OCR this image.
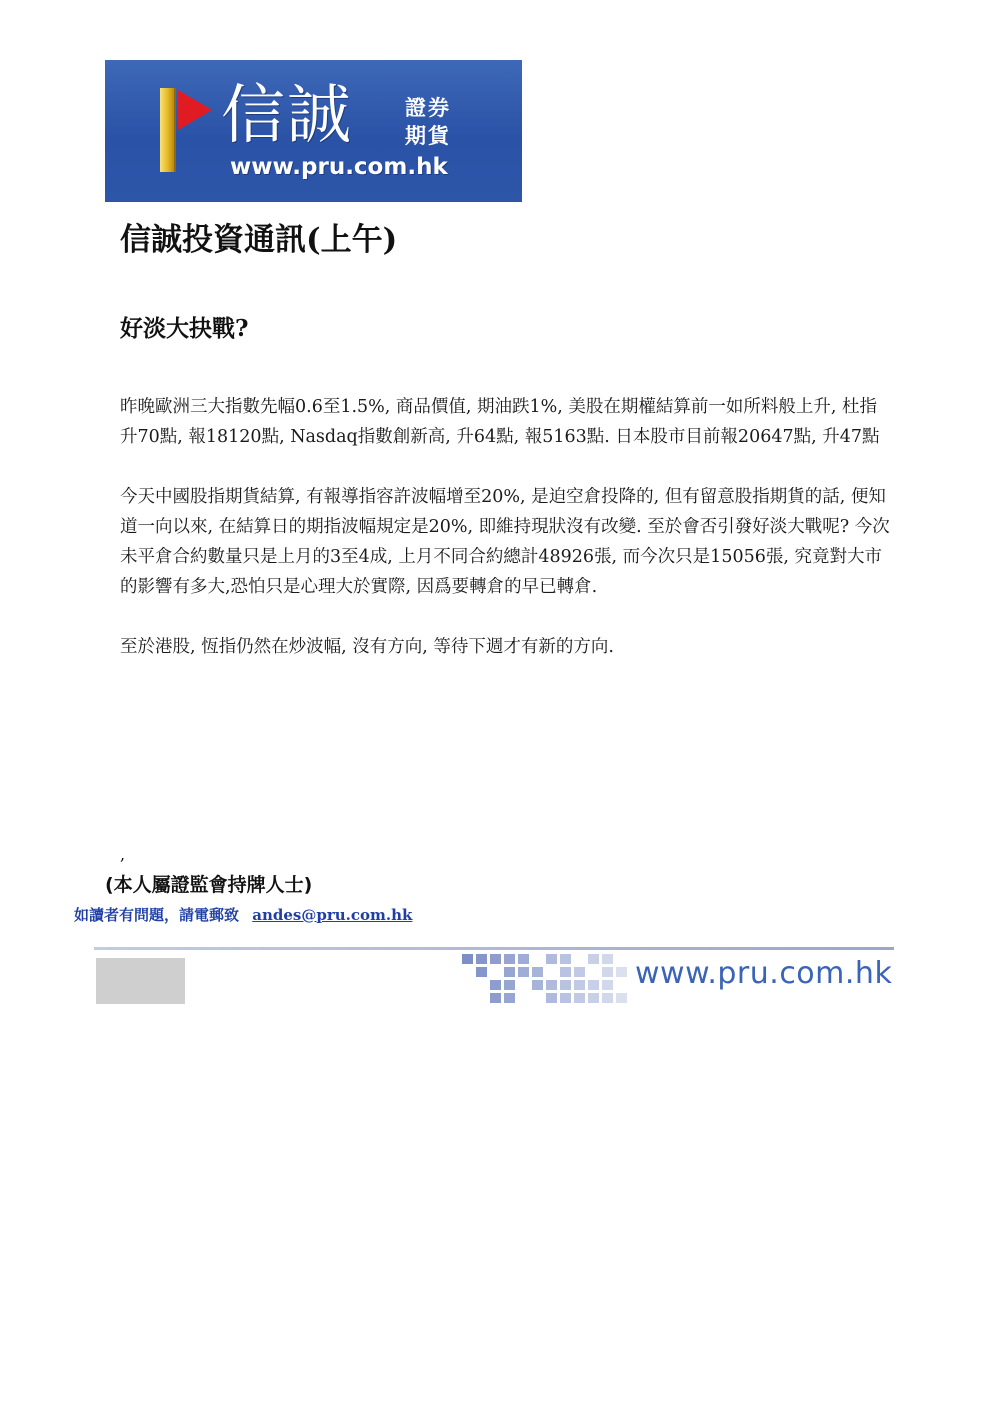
信誠 證券期貨
www.pru.com.hk
信誠投資通訊(上午)
好淡大抉戰?

昨晚歐洲三大指數先幅0.6至1.5%, 商品價值, 期油跌1%, 美股在期權結算前一如所料般上升, 杜指升70點, 報18120點, Nasdaq指數創新高, 升64點, 報5163點. 日本股市目前報20647點, 升47點

今天中國股指期貨結算, 有報導指容許波幅增至20%, 是迫空倉投降的, 但有留意股指期貨的話, 便知道一向以來, 在結算日的期指波幅規定是20%, 即維持現狀沒有改變. 至於會否引發好淡大戰呢? 今次未平倉合約數量只是上月的3至4成, 上月不同合約總計48926張, 而今次只是15056張, 究竟對大市的影響有多大,恐怕只是心理大於實際, 因爲要轉倉的早已轉倉.

至於港股, 恆指仍然在炒波幅, 沒有方向, 等待下週才有新的方向.

,
(本人屬證監會持牌人士)
如讀者有問題，請電郵致 andes@pru.com.hk
www.pru.com.hk
